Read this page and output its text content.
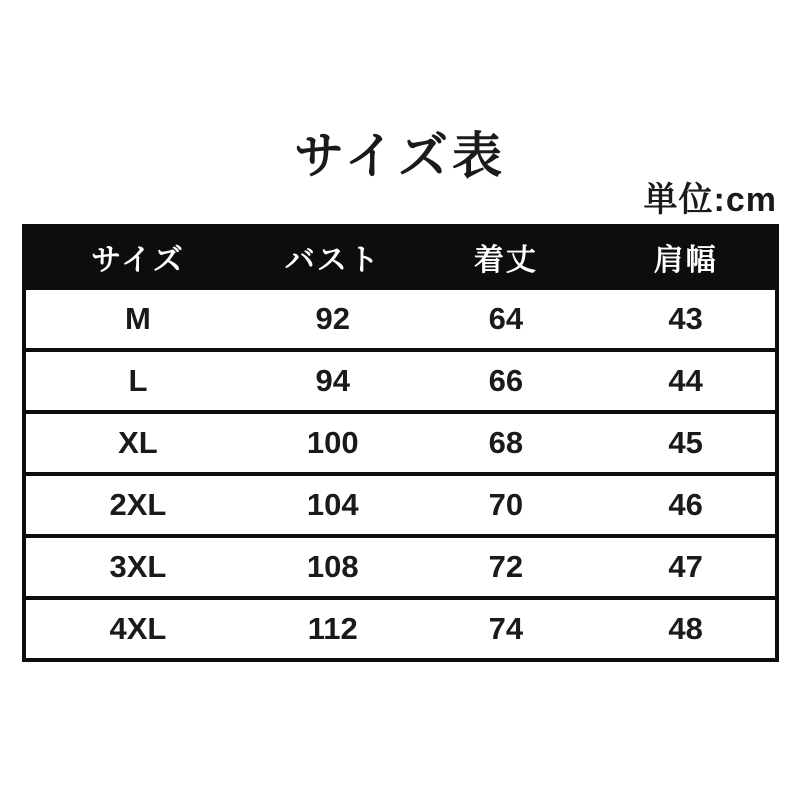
サイズ表
単位:cm
サイズ	バスト	着丈	肩幅
M	92	64	43
L	94	66	44
XL	100	68	45
2XL	104	70	46
3XL	108	72	47
4XL	112	74	48
